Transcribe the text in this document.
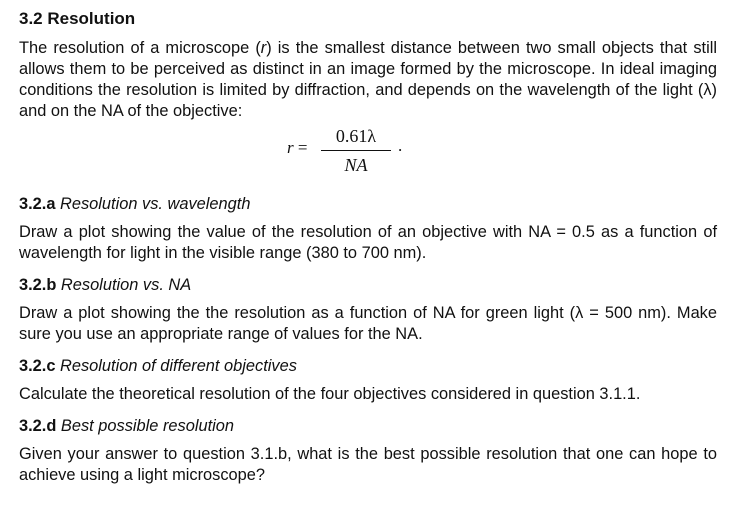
3.2 Resolution

The resolution of a microscope (r) is the smallest distance between two small objects that still allows them to be perceived as distinct in an image formed by the microscope. In ideal imaging conditions the resolution is limited by diffraction, and depends on the wavelength of the light (λ) and on the NA of the objective:

$r = \frac{0.61\lambda}{NA}$ .
3.2.a Resolution vs. wavelength

Draw a plot showing the value of the resolution of an objective with NA = 0.5 as a function of wavelength for light in the visible range (380 to 700 nm).

3.2.b Resolution vs. NA

Draw a plot showing the the resolution as a function of NA for green light (λ = 500 nm). Make sure you use an appropriate range of values for the NA.

3.2.c Resolution of different objectives

Calculate the theoretical resolution of the four objectives considered in question 3.1.1.

3.2.d Best possible resolution

Given your answer to question 3.1.b, what is the best possible resolution that one can hope to achieve using a light microscope?
